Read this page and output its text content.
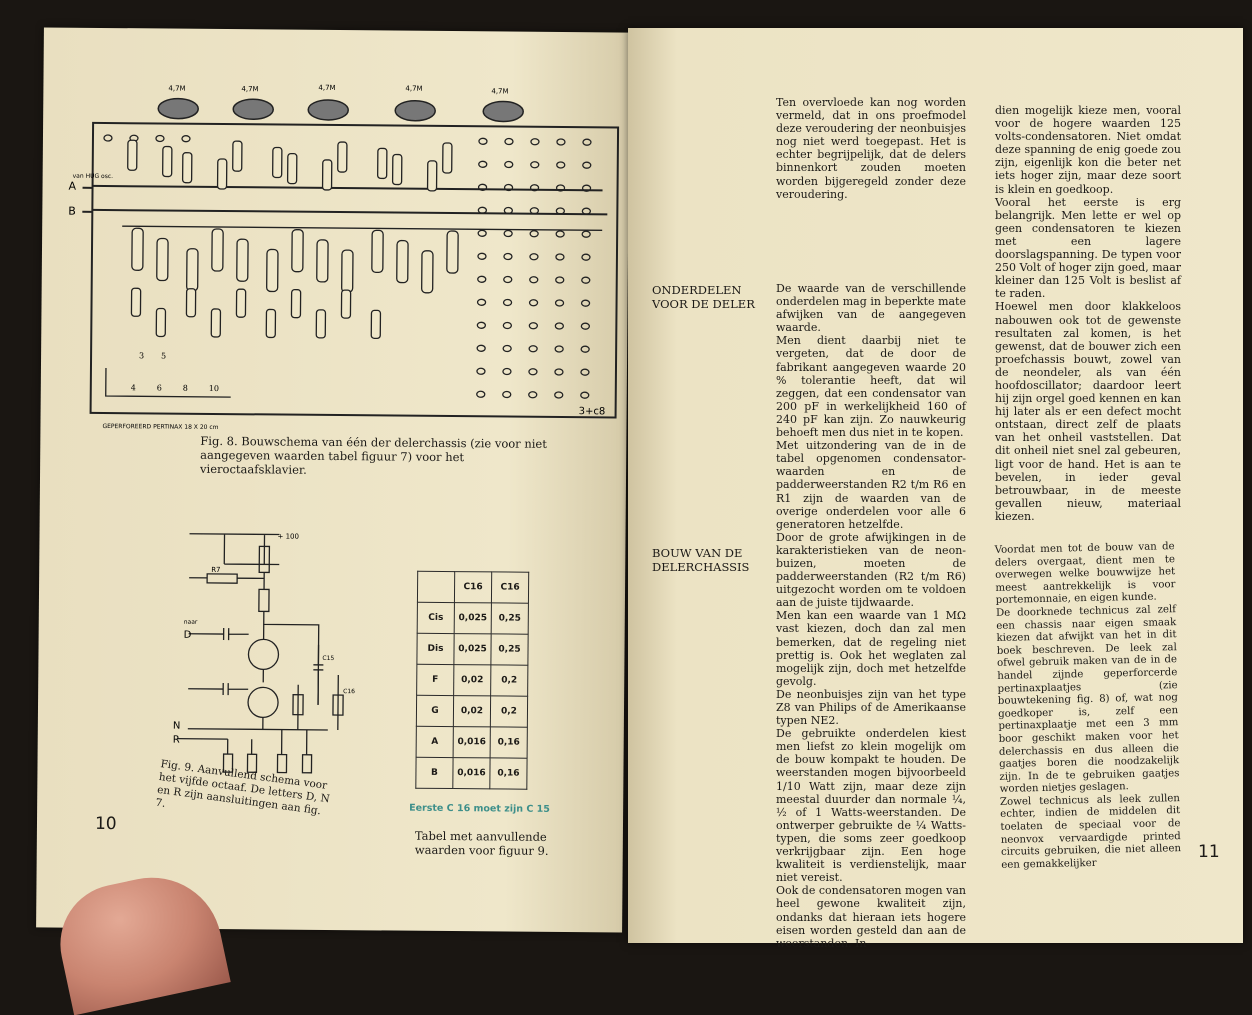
4,7M	4,7M	4,7M	4,7M	4,7M
A
van HUG osc.
B
3+c8
GEPERFOREERD PERTINAX 18 X 20 cm
3 5
4	6	8	10
Fig. 8. Bouwschema van één der delerchassis (zie voor niet aangegeven waarden tabel figuur 7) voor het vieroctaafsklavier.
+ 100
R7
naar
D
C15
C16
N
R
Fig. 9. Aanvullend schema voor het vijfde octaaf. De letters D, N en R zijn aansluitingen aan fig. 7.
	C16	C16
Cis	0,025	0,25
Dis	0,025	0,25
F	0,02	0,2
G	0,02	0,2
A	0,016	0,16
B	0,016	0,16
Eerste C 16 moet zijn C 15
Tabel met aanvullende waarden voor figuur 9.
10
Ten overvloede kan nog worden vermeld, dat in ons proefmodel deze veroudering der neonbuisjes nog niet werd toegepast. Het is echter begrijpelijk, dat de delers binnenkort zouden moeten worden bijgeregeld zonder deze veroudering.
ONDERDELEN VOOR DE DELER

De waarde van de verschillende onderdelen mag in beperkte mate afwijken van de aangegeven waarde.

Men dient daarbij niet te vergeten, dat de door de fabrikant aangegeven waarde 20 % tolerantie heeft, dat wil zeggen, dat een condensator van 200 pF in werkelijkheid 160 of 240 pF kan zijn. Zo nauwkeurig behoeft men dus niet in te kopen.

Met uitzondering van de in de tabel opgenomen condensator-waarden en de padderweerstanden R2 t/m R6 en R1 zijn de waarden van de overige onderdelen voor alle 6 generatoren hetzelfde.

Door de grote afwijkingen in de karakteristieken van de neon-buizen, moeten de padderweerstanden (R2 t/m R6) uitgezocht worden om te voldoen aan de juiste tijdwaarde.

Men kan een waarde van 1 MΩ vast kiezen, doch dan zal men bemerken, dat de regeling niet prettig is. Ook het weglaten zal mogelijk zijn, doch met hetzelfde gevolg.

De neonbuisjes zijn van het type Z8 van Philips of de Amerikaanse typen NE2.

De gebruikte onderdelen kiest men liefst zo klein mogelijk om de bouw kompakt te houden. De weerstanden mogen bijvoorbeeld 1/10 Watt zijn, maar deze zijn meestal duurder dan normale ¼, ½ of 1 Watts-weerstanden. De ontwerper gebruikte de ¼ Watts-typen, die soms zeer goedkoop verkrijgbaar zijn. Een hoge kwaliteit is verdienstelijk, maar niet vereist.

Ook de condensatoren mogen van heel gewone kwaliteit zijn, ondanks dat hieraan iets hogere eisen worden gesteld dan aan de weerstanden. In-

BOUW VAN DE DELERCHASSIS

dien mogelijk kieze men, vooral voor de hogere waarden 125 volts-condensatoren. Niet omdat deze spanning de enig goede zou zijn, eigenlijk kon die beter net iets hoger zijn, maar deze soort is klein en goedkoop.

Vooral het eerste is erg belangrijk. Men lette er wel op geen condensatoren te kiezen met een lagere doorslagspanning. De typen voor 250 Volt of hoger zijn goed, maar kleiner dan 125 Volt is beslist af te raden.

Hoewel men door klakkeloos nabouwen ook tot de gewenste resultaten zal komen, is het gewenst, dat de bouwer zich een proefchassis bouwt, zowel van de neondeler, als van één hoofdoscillator; daardoor leert hij zijn orgel goed kennen en kan hij later als er een defect mocht ontstaan, direct zelf de plaats van het onheil vaststellen. Dat dit onheil niet snel zal gebeuren, ligt voor de hand. Het is aan te bevelen, in ieder geval betrouwbaar, in de meeste gevallen nieuw, materiaal kiezen.

Voordat men tot de bouw van de delers overgaat, dient men te overwegen welke bouwwijze het meest aantrekkelijk is voor portemonnaie, en eigen kunde.

De doorknede technicus zal zelf een chassis naar eigen smaak kiezen dat afwijkt van het in dit boek beschreven. De leek zal ofwel gebruik maken van de in de handel zijnde geperforcerde pertinaxplaatjes (zie bouwtekening fig. 8) of, wat nog goedkoper is, zelf een pertinaxplaatje met een 3 mm boor geschikt maken voor het delerchassis en dus alleen die gaatjes boren die noodzakelijk zijn. In de te gebruiken gaatjes worden nietjes geslagen.

Zowel technicus als leek zullen echter, indien de middelen dit toelaten de speciaal voor de neonvox vervaardigde printed circuits gebruiken, die niet alleen een gemakkelijker

11
